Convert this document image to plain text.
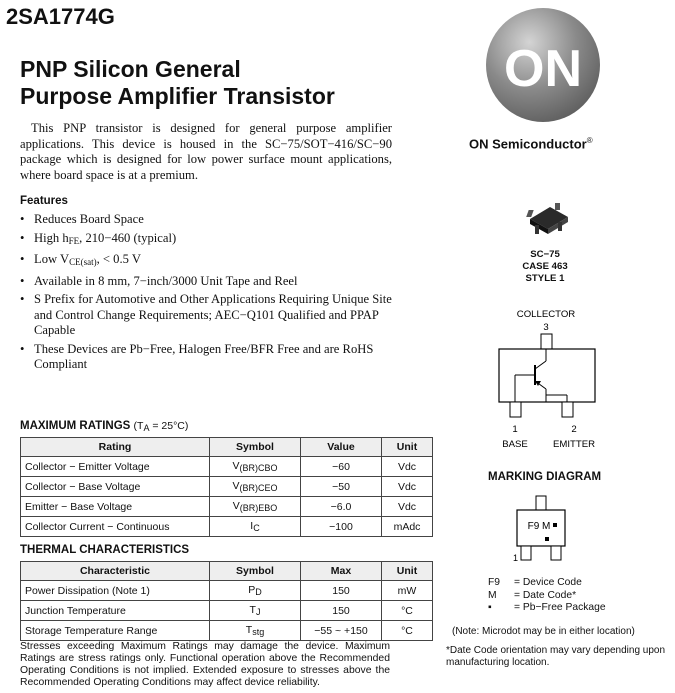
2SA1774G
PNP Silicon General
Purpose Amplifier Transistor
This PNP transistor is designed for general purpose amplifier applications. This device is housed in the SC−75/SOT−416/SC−90 package which is designed for low power surface mount applications, where board space is at a premium.
Features
• Reduces Board Space
• High $h_{FE}$, 210−460 (typical)
• Low $V_{CE(sat)}$, < 0.5 V
• Available in 8 mm, 7−inch/3000 Unit Tape and Reel
• S Prefix for Automotive and Other Applications Requiring Unique Site and Control Change Requirements; AEC−Q101 Qualified and PPAP Capable
• These Devices are Pb−Free, Halogen Free/BFR Free and are RoHS Compliant
MAXIMUM RATINGS $(T_A = 25^\circ C)$
Rating	Symbol	Value	Unit
Collector − Emitter Voltage	$V_{(BR)CBO}$	−60	Vdc
Collector − Base Voltage	$V_{(BR)CEO}$	−50	Vdc
Emitter − Base Voltage	$V_{(BR)EBO}$	−6.0	Vdc
Collector Current − Continuous	$I_C$	−100	mAdc
THERMAL CHARACTERISTICS
Characteristic	Symbol	Max	Unit
Power Dissipation (Note 1)	$P_D$	150	mW
Junction Temperature	$T_J$	150	°C
Storage Temperature Range	$T_{stg}$	−55 ~ +150	°C
Stresses exceeding Maximum Ratings may damage the device. Maximum Ratings are stress ratings only. Functional operation above the Recommended Operating Conditions is not implied. Extended exposure to stresses above the Recommended Operating Conditions may affect device reliability.
ON
ON Semiconductor®
SC−75
CASE 463
STYLE 1
COLLECTOR
3
1
BASE
2
EMITTER
MARKING DIAGRAM
F9 M
1
F9	= Device Code
M	= Date Code*
▪	= Pb−Free Package
(Note: Microdot may be in either location)
*Date Code orientation may vary depending upon manufacturing location.
